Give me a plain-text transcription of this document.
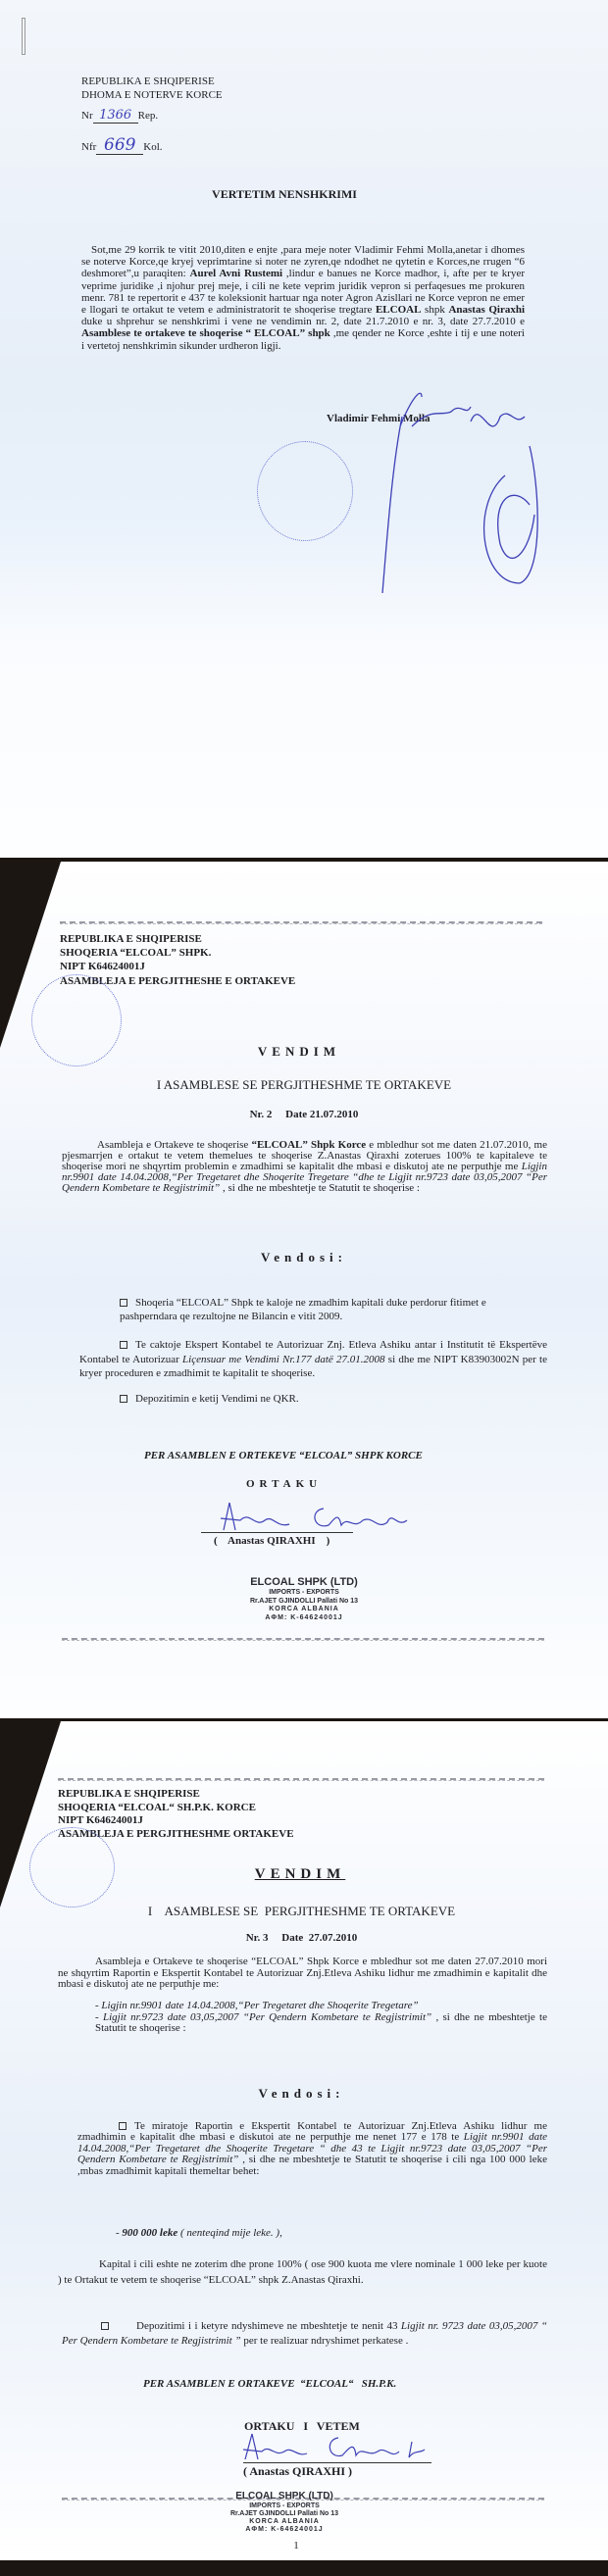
REPUBLIKA E SHQIPERISE
DHOMA E NOTERVE KORCE
Nr 1366 Rep.
Nfr 669 Kol.
VERTETIM NENSHKRIMI
Sot,me 29 korrik te vitit 2010,diten e enjte ,para meje noter Vladimir Fehmi Molla,anetar i dhomes se noterve Korce,qe kryej veprimtarine si noter ne zyren,qe ndodhet ne qytetin e Korces,ne rrugen “6 deshmoret”,u paraqiten: Aurel Avni Rustemi ,lindur e banues ne Korce madhor, i, afte per te kryer veprime juridike ,i njohur prej meje, i cili ne kete veprim juridik vepron si perfaqesues me prokuren menr. 781 te repertorit e 437 te koleksionit hartuar nga noter Agron Azisllari ne Korce vepron ne emer e llogari te ortakut te vetem e administratorit te shoqerise tregtare ELCOAL shpk Anastas Qiraxhi duke u shprehur se nenshkrimi i vene ne vendimin nr. 2, date 21.7.2010 e nr. 3, date 27.7.2010 e Asamblese te ortakeve te shoqerise “ ELCOAL” shpk ,me qender ne Korce ,eshte i tij e une noteri i vertetoj nenshkrimin sikunder urdheron ligji.
Vladimir Fehmi Molla
REPUBLIKA E SHQIPERISE
SHOQERIA “ELCOAL” SHPK.
NIPT K64624001J
ASAMBLEJA E PERGJITHESHE E ORTAKEVE
VENDIM
I ASAMBLESE SE PERGJITHESHME TE ORTAKEVE
Nr. 2     Date 21.07.2010
Asambleja e Ortakeve te shoqerise “ELCOAL” Shpk Korce e mbledhur sot me daten 21.07.2010, me pjesmarrjen e ortakut te vetem themelues te shoqerise Z.Anastas Qiraxhi zoterues 100% te kapitaleve te shoqerise mori ne shqyrtim problemin e zmadhimi se kapitalit dhe mbasi e diskutoj ate ne perputhje me Ligjin nr.9901 date 14.04.2008,“Per Tregetaret dhe Shoqerite Tregetare “dhe te Ligjit nr.9723 date 03,05,2007 “Per Qendern Kombetare te Regjistrimit” , si dhe ne mbeshtetje te Statutit te shoqerise :
Vendosi:
Shoqeria “ELCOAL” Shpk te kaloje ne zmadhim kapitali duke perdorur fitimet e pashperndara qe rezultojne ne Bilancin e vitit 2009.
Te caktoje Ekspert Kontabel te Autorizuar Znj. Etleva Ashiku antar i Institutit të Ekspertëve Kontabel te Autorizuar Liçensuar me Vendimi Nr.177 datë 27.01.2008 si dhe me NIPT K83903002N per te kryer proceduren e zmadhimit te kapitalit te shoqerise.
Depozitimin e ketij Vendimi ne QKR.
PER ASAMBLEN E ORTEKEVE “ELCOAL” SHPK KORCE
ORTAKU
(    Anastas QIRAXHI    )
ELCOAL SHPK (LTD)
IMPORTS - EXPORTS
Rr.AJET GJINDOLLI Pallati No 13
KORCA ALBANIA
AΦM: K-64624001J
REPUBLIKA E SHQIPERISE
SHOQERIA “ELCOAL“ SH.P.K. KORCE
NIPT K64624001J
ASAMBLEJA E PERGJITHESHME ORTAKEVE
VENDIM
I    ASAMBLESE SE  PERGJITHESHME TE ORTAKEVE
Nr. 3     Date  27.07.2010
Asambleja e Ortakeve te shoqerise “ELCOAL” Shpk Korce e mbledhur sot me daten 27.07.2010 mori ne shqyrtim Raportin e Ekspertit Kontabel te Autorizuar Znj.Etleva Ashiku lidhur me zmadhimin e kapitalit dhe mbasi e diskutoj ate ne perputhje me:
- Ligjin nr.9901 date 14.04.2008,“Per Tregetaret dhe Shoqerite Tregetare”
- Ligjit nr.9723 date 03,05,2007 “Per Qendern Kombetare te Regjistrimit” , si dhe ne mbeshtetje te Statutit te shoqerise :
Vendosi:
Te miratoje Raportin e Ekspertit Kontabel te Autorizuar Znj.Etleva Ashiku lidhur me zmadhimin e kapitalit dhe mbasi e diskutoi ate ne perputhje me nenet 177 e 178 te Ligjit nr.9901 date 14.04.2008,“Per Tregetaret dhe Shoqerite Tregetare “ dhe 43 te Ligjit nr.9723 date 03,05,2007 “Per Qendern Kombetare te Regjistrimit” , si dhe ne mbeshtetje te Statutit te shoqerise i cili nga 100 000 leke ,mbas zmadhimit kapitali themeltar behet:
- 900 000 leke ( nenteqind mije leke. ),
Kapital i cili eshte ne zoterim dhe prone 100% ( ose 900 kuota me vlere nominale 1 000 leke per kuote ) te Ortakut te vetem te shoqerise “ELCOAL” shpk Z.Anastas Qiraxhi.
Depozitimi i i ketyre ndyshimeve ne mbeshtetje te nenit 43 Ligjit nr. 9723 date 03,05,2007 “ Per Qendern Kombetare te Regjistrimit ” per te realizuar ndryshimet perkatese .
PER ASAMBLEN E ORTAKEVE  “ELCOAL“   SH.P.K.
ORTAKU   I   VETEM
( Anastas QIRAXHI )
ELCOAL SHPK (LTD)
IMPORTS - EXPORTS
Rr.AJET GJINDOLLI Pallati No 13
KORCA ALBANIA
AΦM: K-64624001J
1
